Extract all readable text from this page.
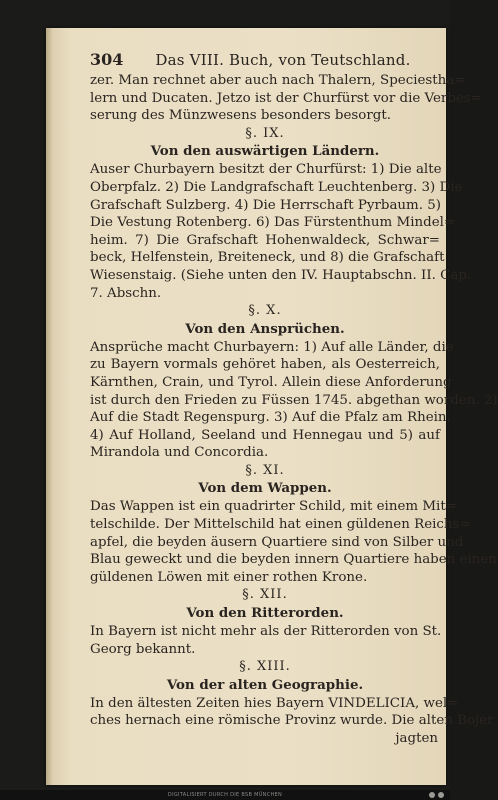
304	Das VIII. Buch, von Teutschland.
zer. Man rechnet aber auch nach Thalern, Speciestha=
lern und Ducaten. Jetzo ist der Churfürst vor die Verbes=
serung des Münzwesens besonders besorgt.
§. IX.
Von den auswärtigen Ländern.
Auser Churbayern besitzt der Churfürst: 1) Die alte
Oberpfalz. 2) Die Landgrafschaft Leuchtenberg. 3) Die
Grafschaft Sulzberg. 4) Die Herrschaft Pyrbaum. 5)
Die Vestung Rotenberg. 6) Das Fürstenthum Mindel=
heim. 7) Die Grafschaft Hohenwaldeck, Schwar=
beck, Helfenstein, Breiteneck, und 8) die Grafschaft
Wiesenstaig. (Siehe unten den IV. Hauptabschn. II. Cap.
7. Abschn.
§. X.
Von den Ansprüchen.
Ansprüche macht Churbayern: 1) Auf alle Länder, die
zu Bayern vormals gehöret haben, als Oesterreich,
Kärnthen, Crain, und Tyrol. Allein diese Anforderung
ist durch den Frieden zu Füssen 1745. abgethan worden. 2)
Auf die Stadt Regenspurg. 3) Auf die Pfalz am Rhein.
4) Auf Holland, Seeland und Hennegau und 5) auf
Mirandola und Concordia.
§. XI.
Von dem Wappen.
Das Wappen ist ein quadrirter Schild, mit einem Mit=
telschilde. Der Mittelschild hat einen güldenen Reichs=
apfel, die beyden äusern Quartiere sind von Silber und
Blau geweckt und die beyden innern Quartiere haben einen
güldenen Löwen mit einer rothen Krone.
§. XII.
Von den Ritterorden.
In Bayern ist nicht mehr als der Ritterorden von St.
Georg bekannt.
§. XIII.
Von der alten Geographie.
In den ältesten Zeiten hies Bayern VINDELICIA, wel=
ches hernach eine römische Provinz wurde. Die alten Bojer
jagten
DIGITALISIERT DURCH DIE BSB MÜNCHEN
